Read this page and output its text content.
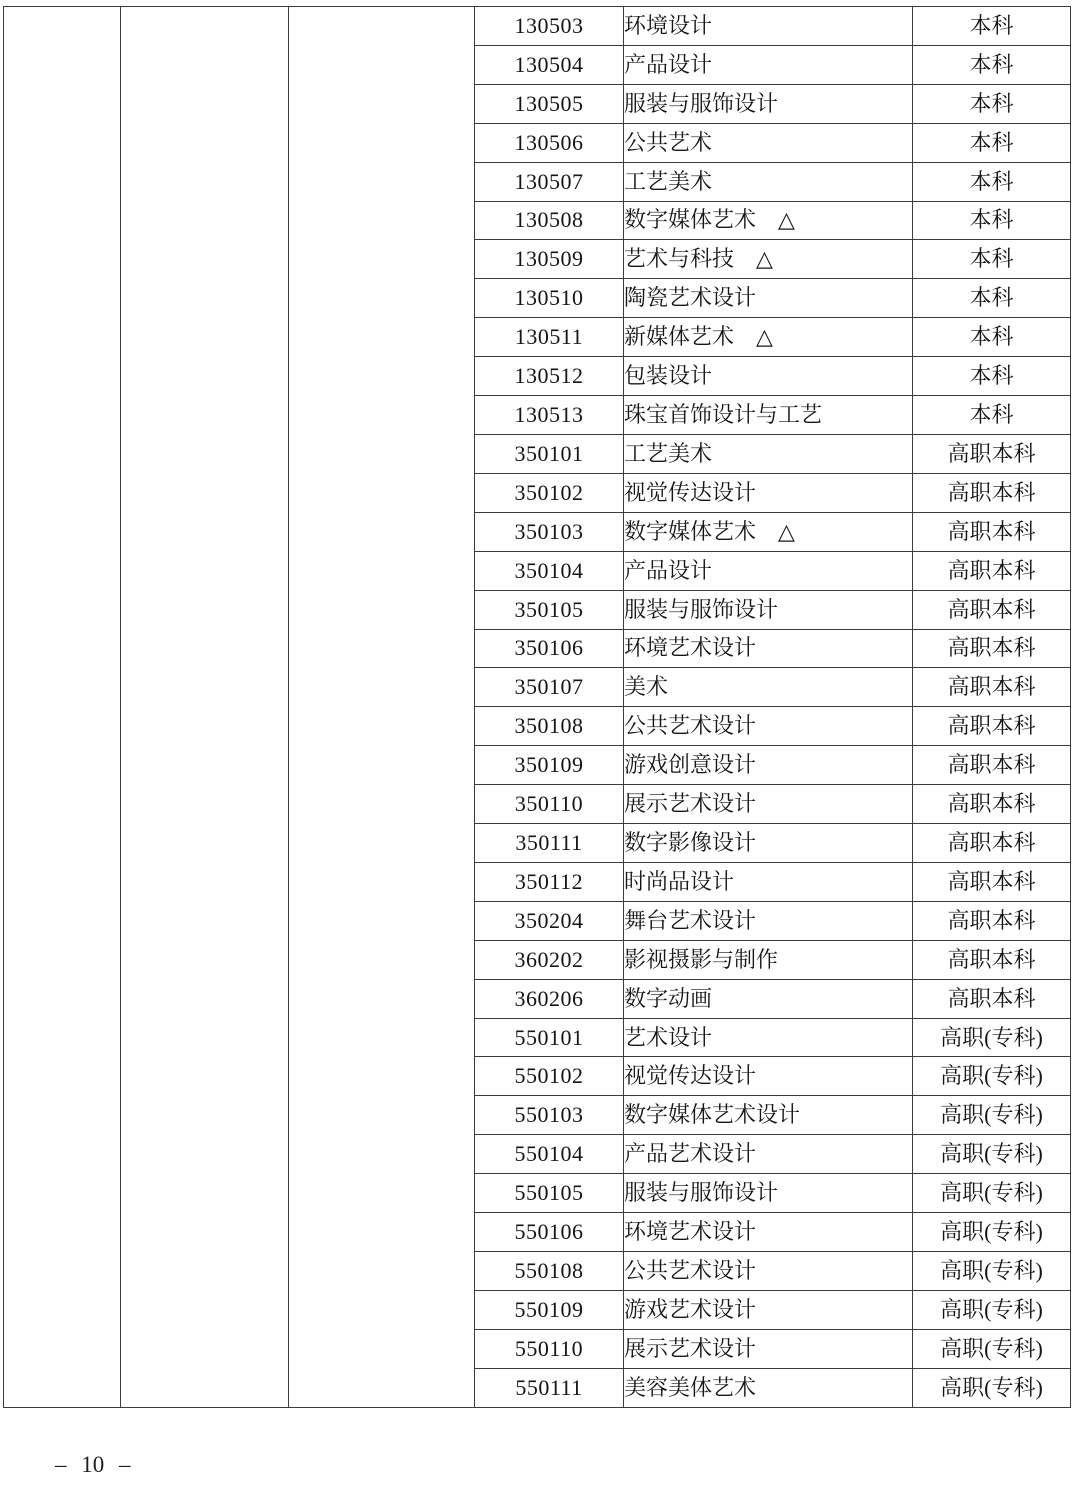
			130503	环境设计	本科
			130504	产品设计	本科
			130505	服装与服饰设计	本科
			130506	公共艺术	本科
			130507	工艺美术	本科
			130508	数字媒体艺术　△	本科
			130509	艺术与科技　△	本科
			130510	陶瓷艺术设计	本科
			130511	新媒体艺术　△	本科
			130512	包装设计	本科
			130513	珠宝首饰设计与工艺	本科
			350101	工艺美术	高职本科
			350102	视觉传达设计	高职本科
			350103	数字媒体艺术　△	高职本科
			350104	产品设计	高职本科
			350105	服装与服饰设计	高职本科
			350106	环境艺术设计	高职本科
			350107	美术	高职本科
			350108	公共艺术设计	高职本科
			350109	游戏创意设计	高职本科
			350110	展示艺术设计	高职本科
			350111	数字影像设计	高职本科
			350112	时尚品设计	高职本科
			350204	舞台艺术设计	高职本科
			360202	影视摄影与制作	高职本科
			360206	数字动画	高职本科
			550101	艺术设计	高职(专科)
			550102	视觉传达设计	高职(专科)
			550103	数字媒体艺术设计	高职(专科)
			550104	产品艺术设计	高职(专科)
			550105	服装与服饰设计	高职(专科)
			550106	环境艺术设计	高职(专科)
			550108	公共艺术设计	高职(专科)
			550109	游戏艺术设计	高职(专科)
			550110	展示艺术设计	高职(专科)
			550111	美容美体艺术	高职(专科)
– 10 –
